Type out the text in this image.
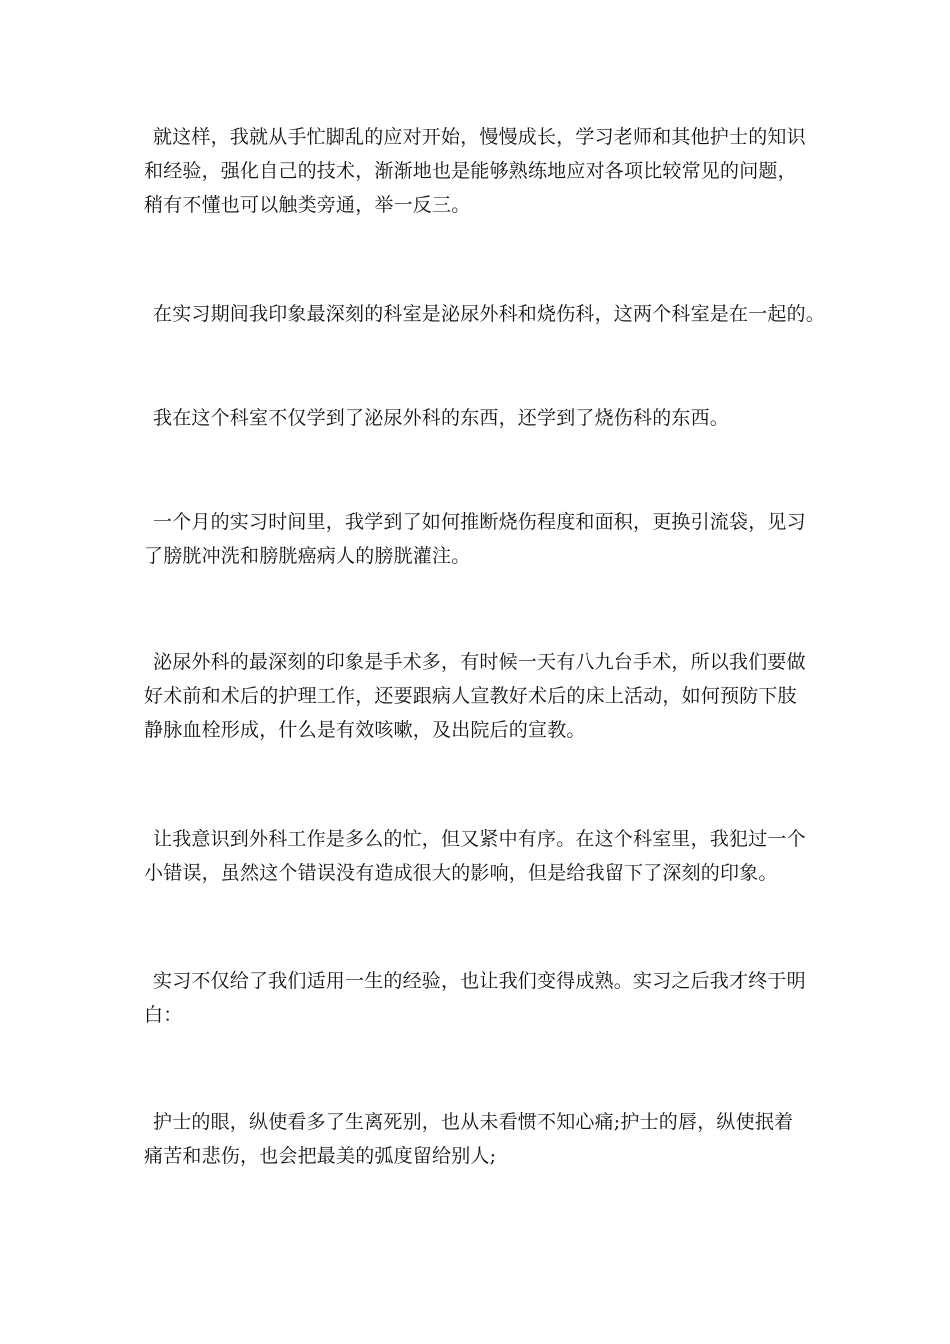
就这样，我就从手忙脚乱的应对开始，慢慢成长，学习老师和其他护士的知识
和经验，强化自己的技术，渐渐地也是能够熟练地应对各项比较常见的问题，
稍有不懂也可以触类旁通，举一反三。

在实习期间我印象最深刻的科室是泌尿外科和烧伤科，这两个科室是在一起的。

我在这个科室不仅学到了泌尿外科的东西，还学到了烧伤科的东西。

一个月的实习时间里，我学到了如何推断烧伤程度和面积，更换引流袋，见习
了膀胱冲洗和膀胱癌病人的膀胱灌注。

泌尿外科的最深刻的印象是手术多，有时候一天有八九台手术，所以我们要做
好术前和术后的护理工作，还要跟病人宣教好术后的床上活动，如何预防下肢
静脉血栓形成，什么是有效咳嗽，及出院后的宣教。

让我意识到外科工作是多么的忙，但又紧中有序。在这个科室里，我犯过一个
小错误，虽然这个错误没有造成很大的影响，但是给我留下了深刻的印象。

实习不仅给了我们适用一生的经验，也让我们变得成熟。实习之后我才终于明
白：

护士的眼，纵使看多了生离死别，也从未看惯不知心痛;护士的唇，纵使抿着
痛苦和悲伤，也会把最美的弧度留给别人;
